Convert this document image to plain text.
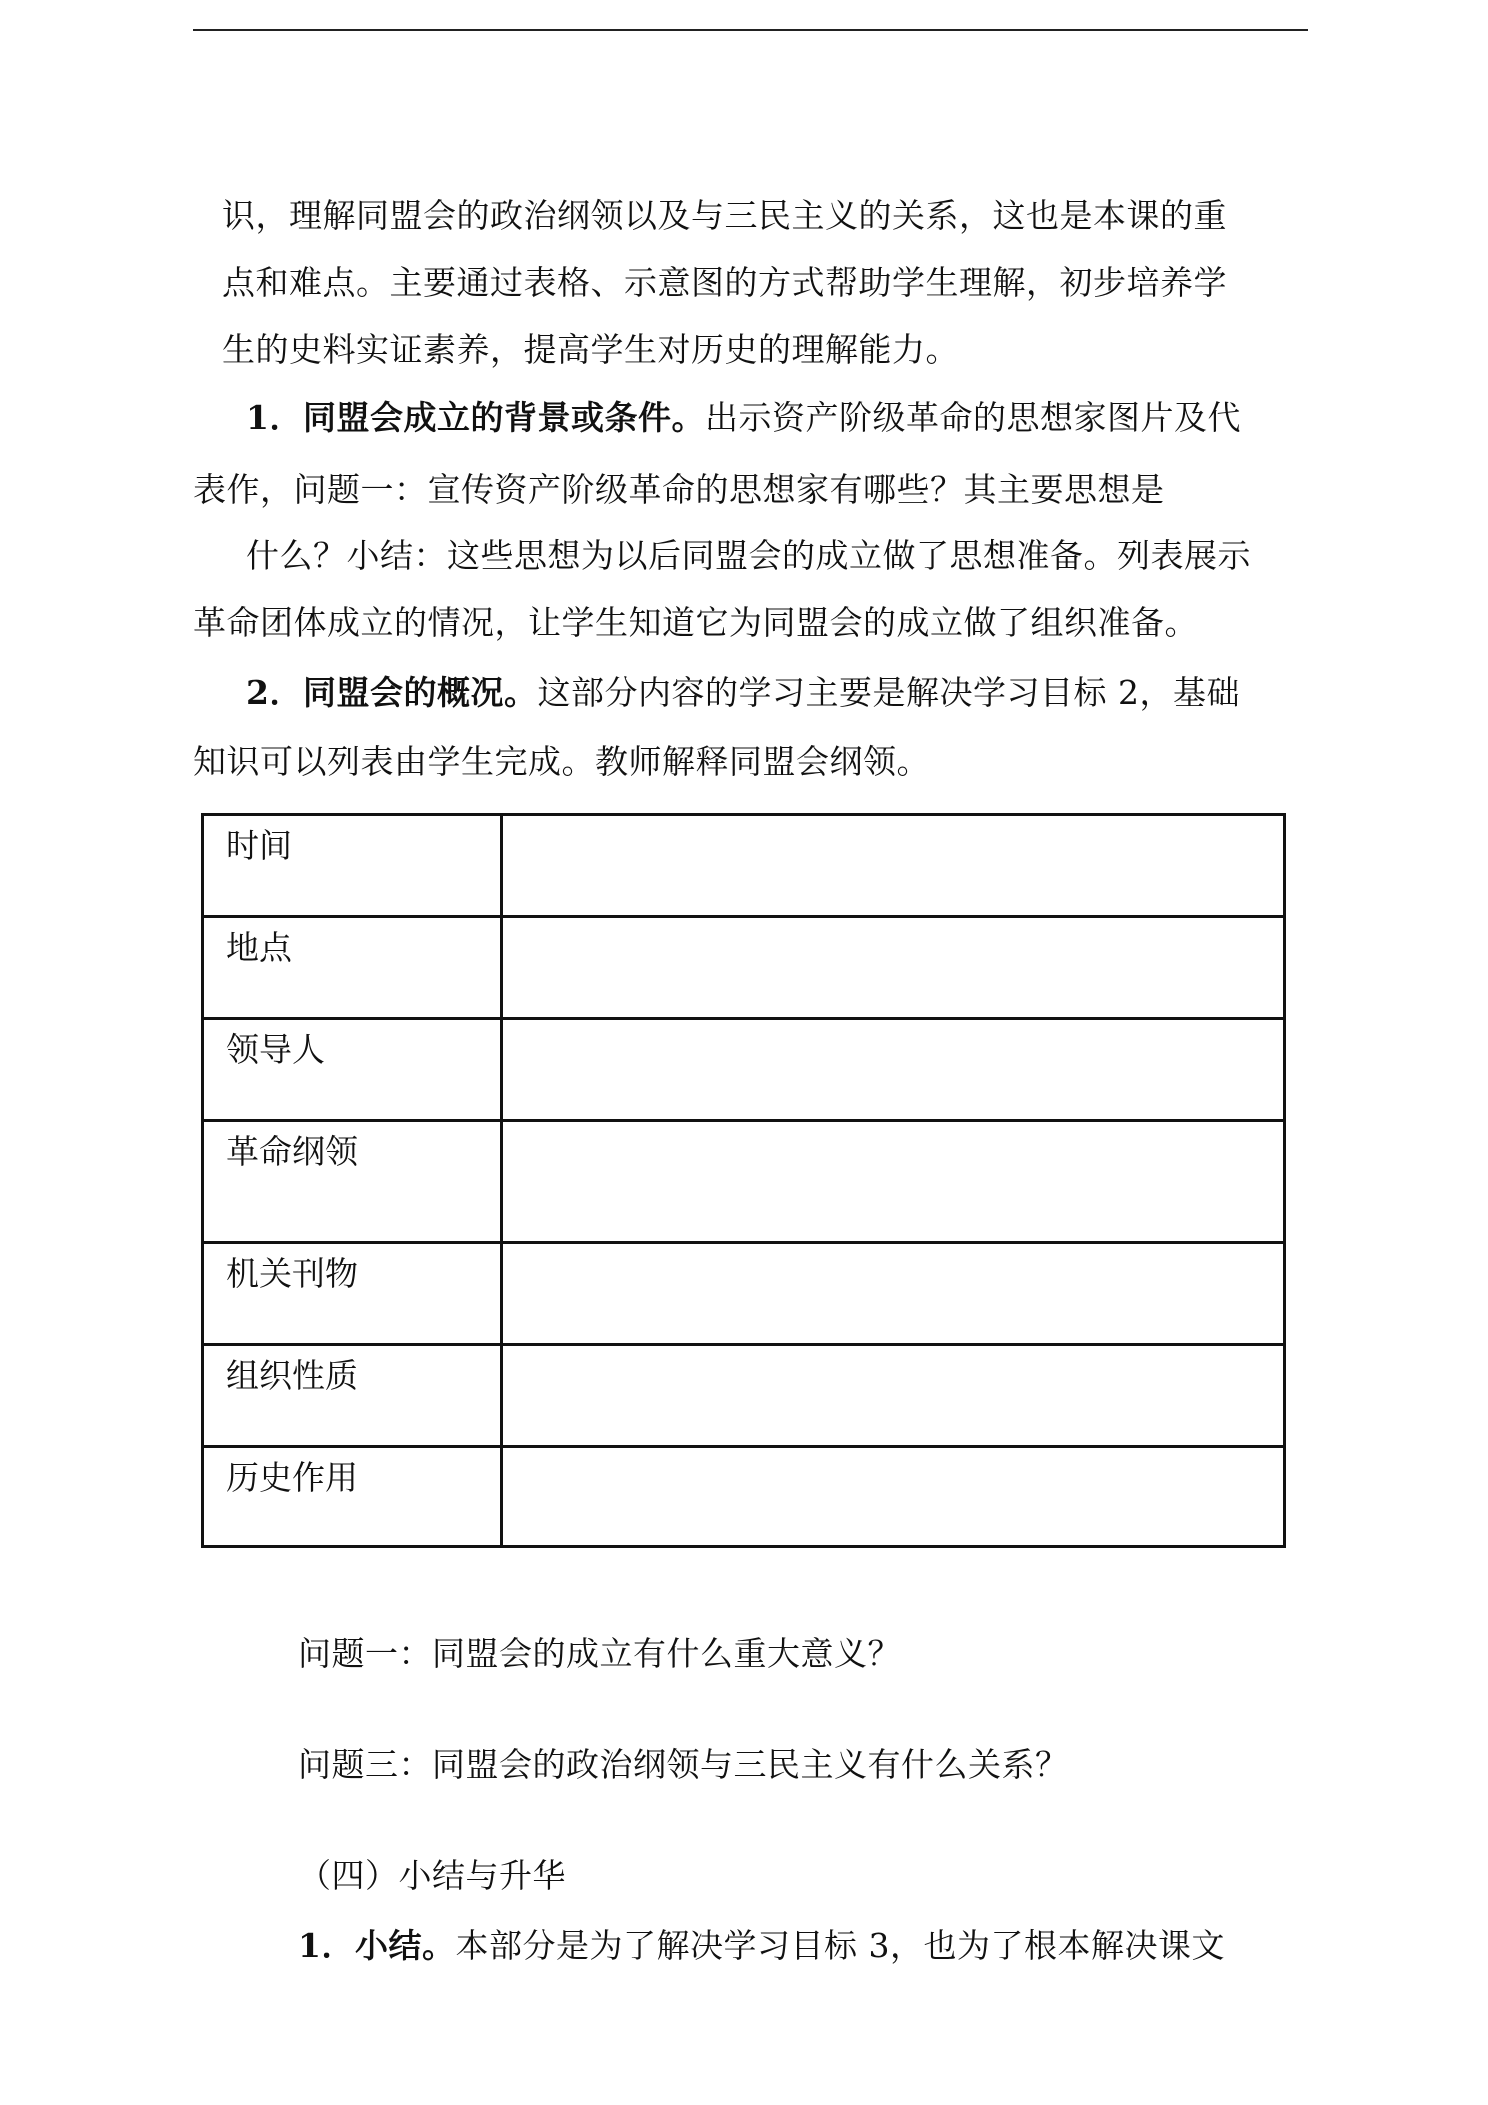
识，理解同盟会的政治纲领以及与三民主义的关系，这也是本课的重
点和难点。主要通过表格、示意图的方式帮助学生理解，初步培养学
生的史料实证素养，提高学生对历史的理解能力。
1．同盟会成立的背景或条件。出示资产阶级革命的思想家图片及代
表作，问题一：宣传资产阶级革命的思想家有哪些？其主要思想是
什么？小结：这些思想为以后同盟会的成立做了思想准备。列表展示
革命团体成立的情况，让学生知道它为同盟会的成立做了组织准备。
2．同盟会的概况。这部分内容的学习主要是解决学习目标 2，基础
知识可以列表由学生完成。教师解释同盟会纲领。
时间	
地点	
领导人	
革命纲领	
机关刊物	
组织性质	
历史作用	
问题一：同盟会的成立有什么重大意义？
问题三：同盟会的政治纲领与三民主义有什么关系？
（四）小结与升华
1．小结。本部分是为了解决学习目标 3，也为了根本解决课文
